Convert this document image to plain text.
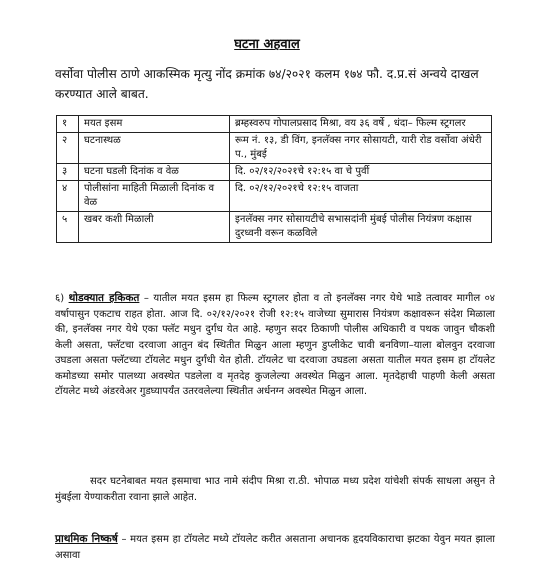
घटना अहवाल
वर्सोवा पोलीस ठाणे आकस्मिक मृत्यु नोंद क्रमांक ७४/२०२१ कलम १७४ फौ. द.प्र.सं अन्वये दाखल करण्यात आले बाबत.
१	मयत इसम	ब्रम्हस्वरुप गोपालप्रसाद मिश्रा, वय ३६ वर्षे , धंदा– फिल्म स्ट्रगलर
२	घटनास्थळ	रूम नं. १३, डी विंग, इनलॅक्स नगर सोसायटी, यारी रोड वर्सोवा अंधेरी प., मुंबई
३	घटना घडली दिनांक व वेळ	दि. ०२/१२/२०२१चे १२:१५ वा चे पुर्वी
४	पोलीसांना माहिती मिळाली दिनांक व वेळ	दि. ०२/१२/२०२१चे १२:१५ वाजता
५	खबर कशी मिळाली	इनलॅक्स नगर सोसायटीचे सभासदांनी मुंबई पोलीस नियंत्रण कक्षास दुरध्वनी वरून कळविले
६) थोडक्यात हकिकत – यातील मयत इसम हा फिल्म स्ट्रगलर होता व तो इनलॅक्स नगर येथे भाडे तत्वावर मागील ०४ वर्षापासुन एकटाच राहत होता. आज दि. ०२/१२/२०२१ रोजी १२:१५ वाजेच्या सुमारास नियंत्रण कक्षावरून संदेश मिळाला की, इनलॅक्स नगर येथे एका फ्लॅट मधुन दुर्गंध येत आहे. म्हणुन सदर ठिकाणी पोलीस अधिकारी व पथक जावुन चौकशी केली असता, फ्लॅटचा दरवाजा आतुन बंद स्थितीत मिळुन आला म्हणुन डुप्लीकेट चावी बनविणा–याला बोलवुन दरवाजा उघडला असता फ्लॅटच्या टॉयलेट मधुन दुर्गंधी येत होती. टॉयलेट चा दरवाजा उघडला असता यातील मयत इसम हा टॉयलेट कमोडच्या समोर पालथ्या अवस्थेत पडलेला व मृतदेह कुजलेल्या अवस्थेत मिळुन आला. मृतदेहाची पाहणी केली असता टॉयलेट मध्ये अंडरवेअर गुडघ्यापर्यंत उतरवलेल्या स्थितीत अर्धनग्न अवस्थेत मिळुन आला.
सदर घटनेबाबत मयत इसमाचा भाउ नामे संदीप मिश्रा रा.ठी. भोपाळ मध्य प्रदेश यांचेशी संपर्क साधला असुन ते मुंबईला येण्याकरीता रवाना झाले आहेत.
प्राथमिक निष्कर्ष – मयत इसम हा टॉयलेट मध्ये टॉयलेट करीत असताना अचानक हृदयविकाराचा झटका येवुन मयत झाला असावा
